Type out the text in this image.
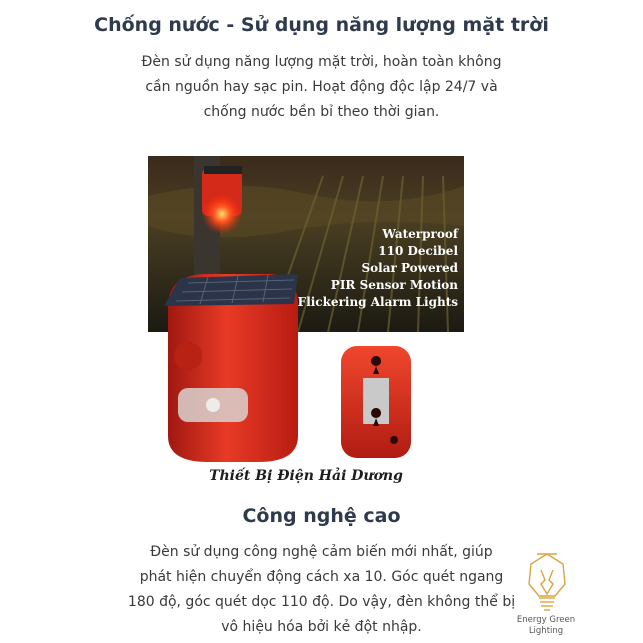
Chống nước - Sử dụng năng lượng mặt trời

Đèn sử dụng năng lượng mặt trời, hoàn toàn không
cần nguồn hay sạc pin. Hoạt động độc lập 24/7 và
chống nước bền bỉ theo thời gian.

Waterproof
110 Decibel
Solar Powered
PIR Sensor Motion
Flickering Alarm Lights
Thiết Bị Điện Hải Dương
Công nghệ cao

Đèn sử dụng công nghệ cảm biến mới nhất, giúp
phát hiện chuyển động cách xa 10. Góc quét ngang
180 độ, góc quét dọc 110 độ. Do vậy, đèn không thể bị
vô hiệu hóa bởi kẻ đột nhập.	Energy Green
Lighting
